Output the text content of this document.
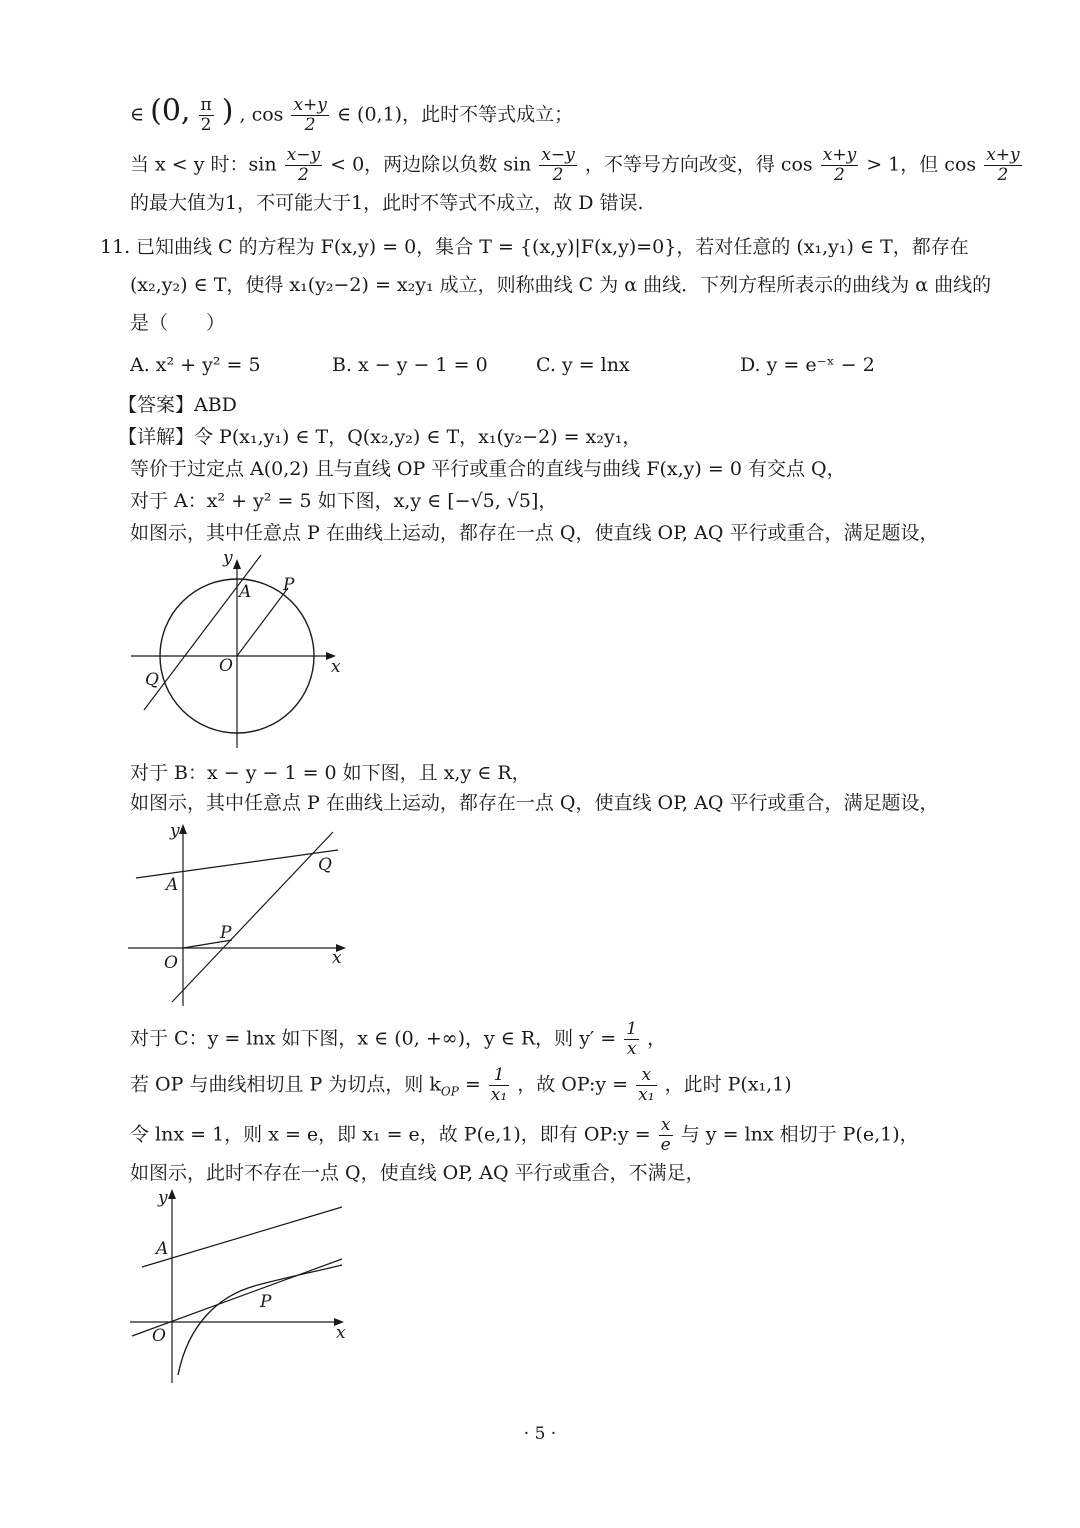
∈ (0, $\frac{\pi}{2}$ ) , $\cos \frac{x+y}{2}$ ∈ (0,1)，此时不等式成立；
当 x < y 时：$\sin \frac{x-y}{2} < 0$，两边除以负数 $\sin \frac{x-y}{2}$ ，不等号方向改变，得 $\cos \frac{x+y}{2} > 1$，但 $\cos \frac{x+y}{2}$
的最大值为1，不可能大于1，此时不等式不成立，故 D 错误.
11. 已知曲线 C 的方程为 F(x,y) = 0，集合 T = {(x,y)|F(x,y)=0}，若对任意的 (x₁,y₁) ∈ T，都存在
(x₂,y₂) ∈ T，使得 x₁(y₂−2) = x₂y₁ 成立，则称曲线 C 为 α 曲线．下列方程所表示的曲线为 α 曲线的
是（　　）
A. x² + y² = 5	B. x − y − 1 = 0	C. y = lnx	D. y = e⁻ˣ − 2
【答案】ABD
【详解】令 P(x₁,y₁) ∈ T，Q(x₂,y₂) ∈ T，x₁(y₂−2) = x₂y₁，
等价于过定点 A(0,2) 且与直线 OP 平行或重合的直线与曲线 F(x,y) = 0 有交点 Q，
对于 A：x² + y² = 5 如下图，x,y ∈ [−√5, √5]，
如图示，其中任意点 P 在曲线上运动，都存在一点 Q，使直线 OP, AQ 平行或重合，满足题设，
x
y
O
A P
Q
对于 B：x − y − 1 = 0 如下图，且 x,y ∈ R，
如图示，其中任意点 P 在曲线上运动，都存在一点 Q，使直线 OP, AQ 平行或重合，满足题设，
x
y
O
A
P
Q
对于 C：y = lnx 如下图，x ∈ (0, +∞)，y ∈ R，则 $y' = \frac{1}{x}$ ，
若 OP 与曲线相切且 P 为切点，则 $k_{OP} = \frac{1}{\text{x₁}}$ ，故 OP:y = $\frac{x}{\text{x₁}}$ ，此时 P(x₁,1)
令 lnx = 1，则 x = e，即 x₁ = e，故 P(e,1)，即有 OP:y = $\frac{x}{e}$ 与 y = lnx 相切于 P(e,1)，
如图示，此时不存在一点 Q，使直线 OP, AQ 平行或重合，不满足，
y
x
O
A
P
· 5 ·
